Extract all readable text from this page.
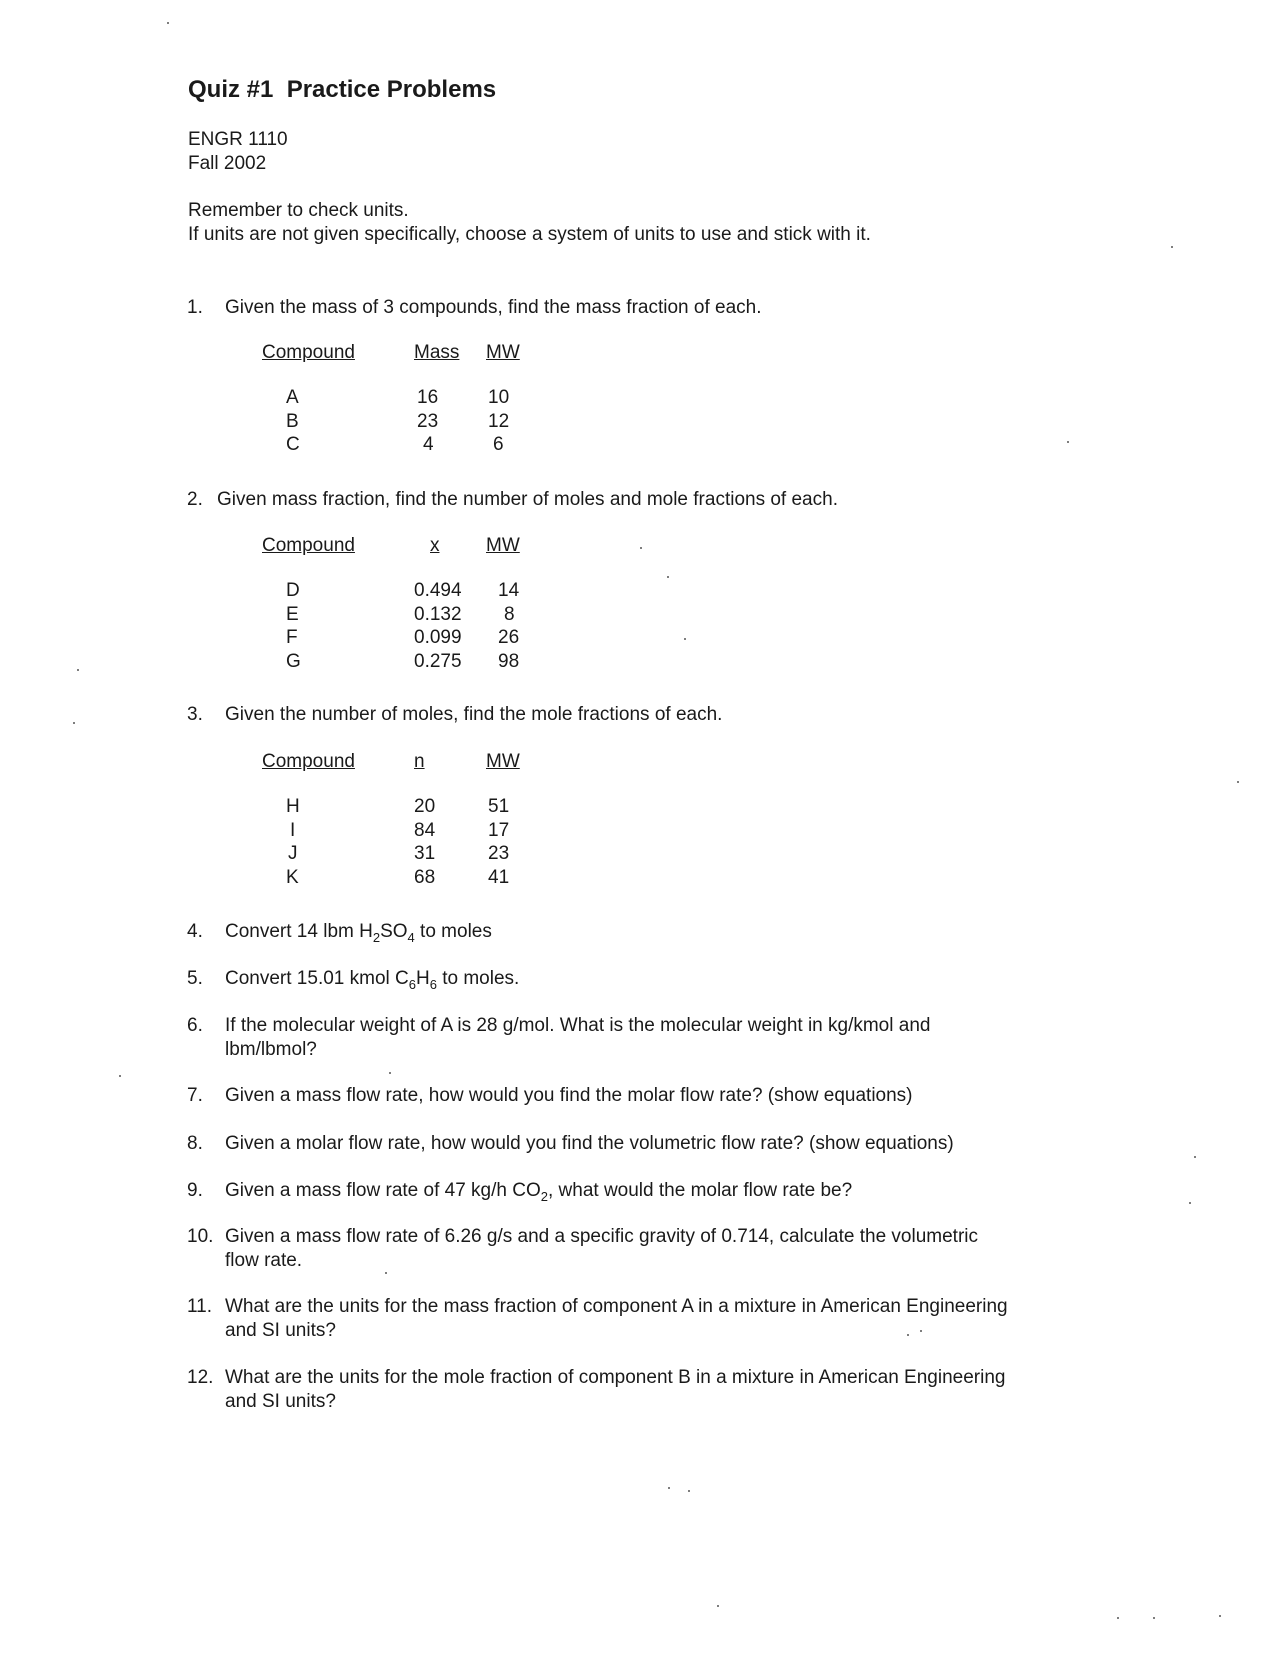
Quiz #1  Practice Problems
ENGR 1110
Fall 2002
Remember to check units.
If units are not given specifically, choose a system of units to use and stick with it.
1. Given the mass of 3 compounds, find the mass fraction of each.
Compound	Mass MW
A	16	10
B	23	12
C	4	6
2. Given mass fraction, find the number of moles and mole fractions of each.
Compound	x MW
D	0.494 14
E	0.132 8
F	0.099 26
G	0.275 98
3. Given the number of moles, find the mole fractions of each.
Compound	n	MW
H	20	51
I	84	17
J	31	23
K	68	41
4. Convert 14 lbm $H_2SO_4$ to moles
5. Convert 15.01 kmol $C_6H_6$ to moles.
6. If the molecular weight of A is 28 g/mol. What is the molecular weight in kg/kmol and
lbm/lbmol?
7. Given a mass flow rate, how would you find the molar flow rate? (show equations)
8. Given a molar flow rate, how would you find the volumetric flow rate? (show equations)
9. Given a mass flow rate of 47 kg/h $CO_2$, what would the molar flow rate be?
10. Given a mass flow rate of 6.26 g/s and a specific gravity of 0.714, calculate the volumetric
flow rate.
11. What are the units for the mass fraction of component A in a mixture in American Engineering
and SI units?
12. What are the units for the mole fraction of component B in a mixture in American Engineering
and SI units?
